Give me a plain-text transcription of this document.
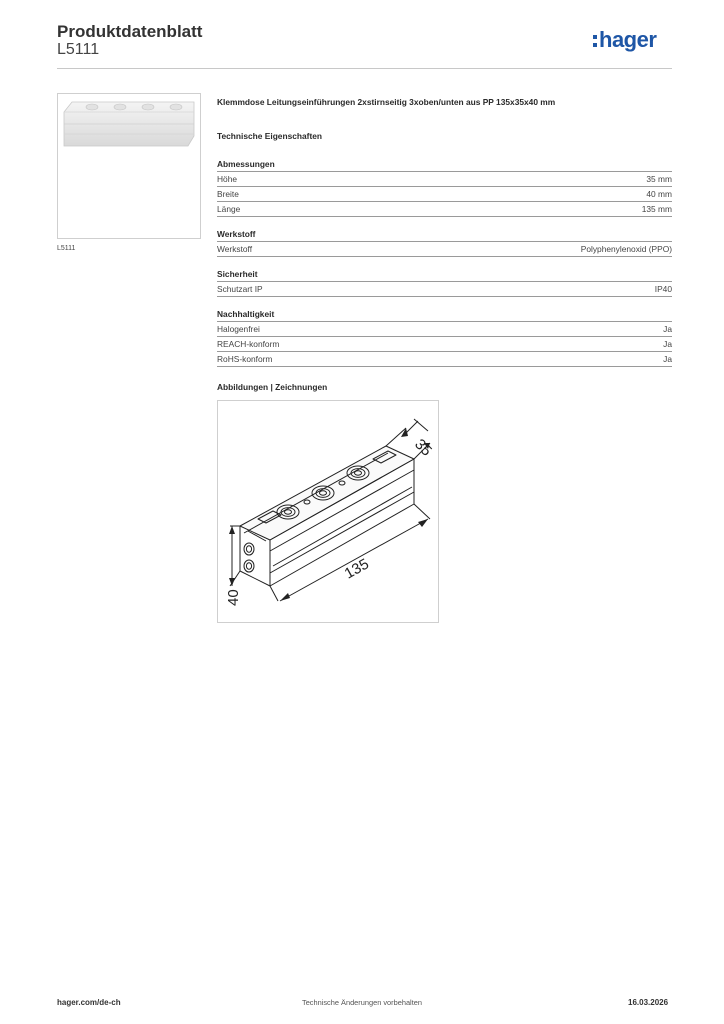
Produktdatenblatt
L5111	hager
L5111
Klemmdose Leitungseinführungen 2xstirnseitig 3xoben/unten aus PP 135x35x40 mm
Technische Eigenschaften
Abmessungen
Höhe	35 mm
Breite	40 mm
Länge	135 mm
Werkstoff
Werkstoff	Polyphenylenoxid (PPO)
Sicherheit
Schutzart IP	IP40
Nachhaltigkeit
Halogenfrei	Ja
REACH-konform	Ja
RoHS-konform	Ja
Abbildungen | Zeichnungen
35
135
40
hager.com/de-ch	Technische Änderungen vorbehalten	16.03.2026
